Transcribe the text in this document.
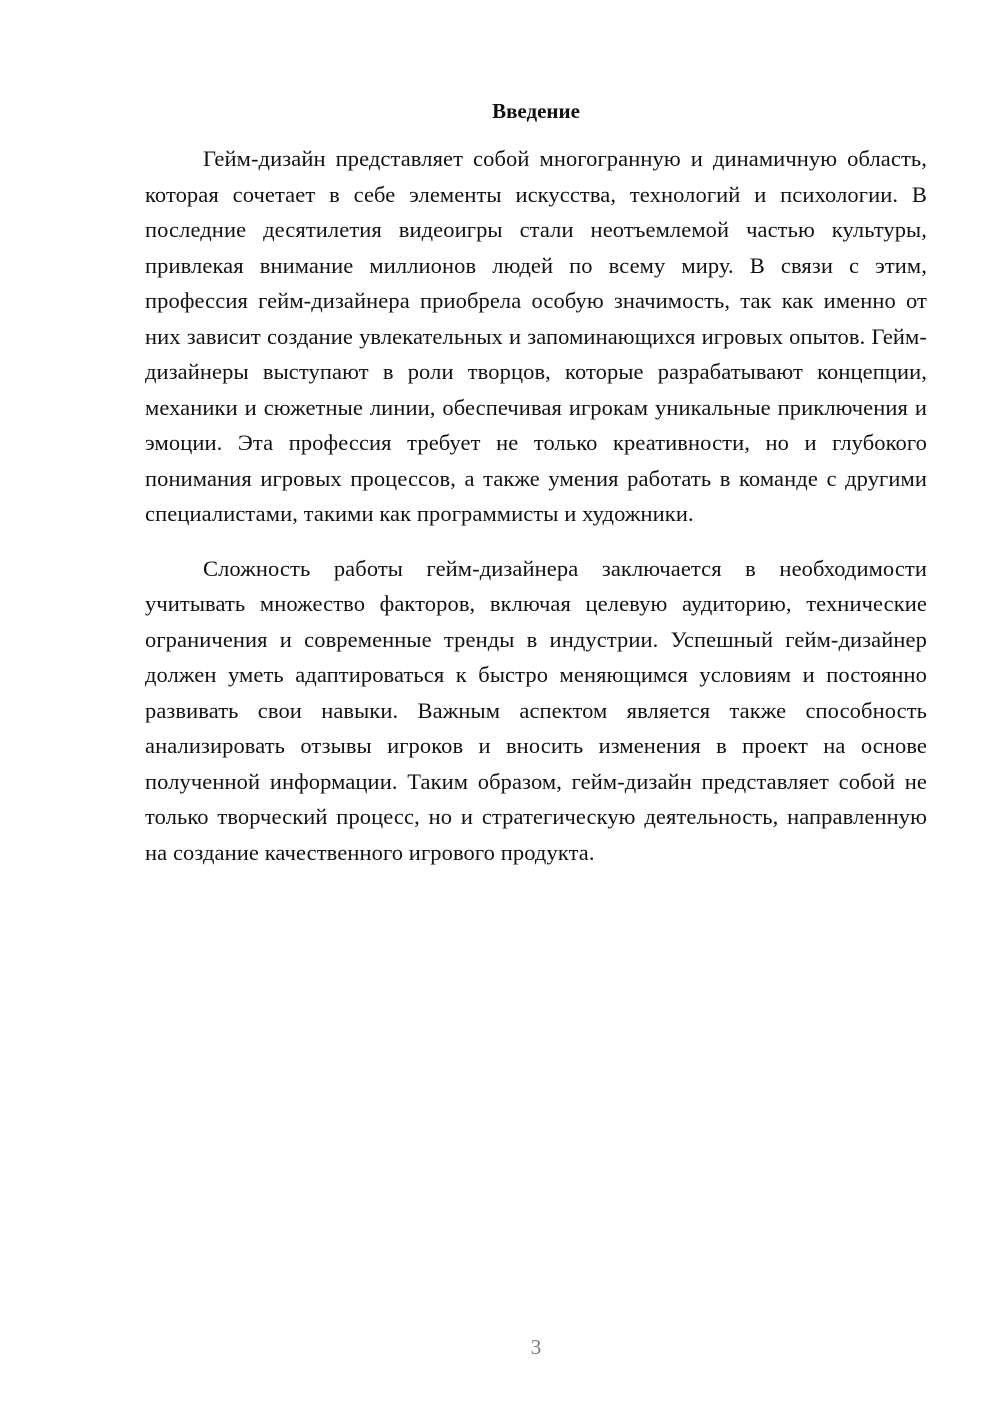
Введение

Гейм-дизайн представляет собой многогранную и динамичную область, которая сочетает в себе элементы искусства, технологий и психологии. В последние десятилетия видеоигры стали неотъемлемой частью культуры, привлекая внимание миллионов людей по всему миру. В связи с этим, профессия гейм-дизайнера приобрела особую значимость, так как именно от них зависит создание увлекательных и запоминающихся игровых опытов. Гейм-дизайнеры выступают в роли творцов, которые разрабатывают концепции, механики и сюжетные линии, обеспечивая игрокам уникальные приключения и эмоции. Эта профессия требует не только креативности, но и глубокого понимания игровых процессов, а также умения работать в команде с другими специалистами, такими как программисты и художники.

Сложность работы гейм-дизайнера заключается в необходимости учитывать множество факторов, включая целевую аудиторию, технические ограничения и современные тренды в индустрии. Успешный гейм-дизайнер должен уметь адаптироваться к быстро меняющимся условиям и постоянно развивать свои навыки. Важным аспектом является также способность анализировать отзывы игроков и вносить изменения в проект на основе полученной информации. Таким образом, гейм-дизайн представляет собой не только творческий процесс, но и стратегическую деятельность, направленную на создание качественного игрового продукта.

3
